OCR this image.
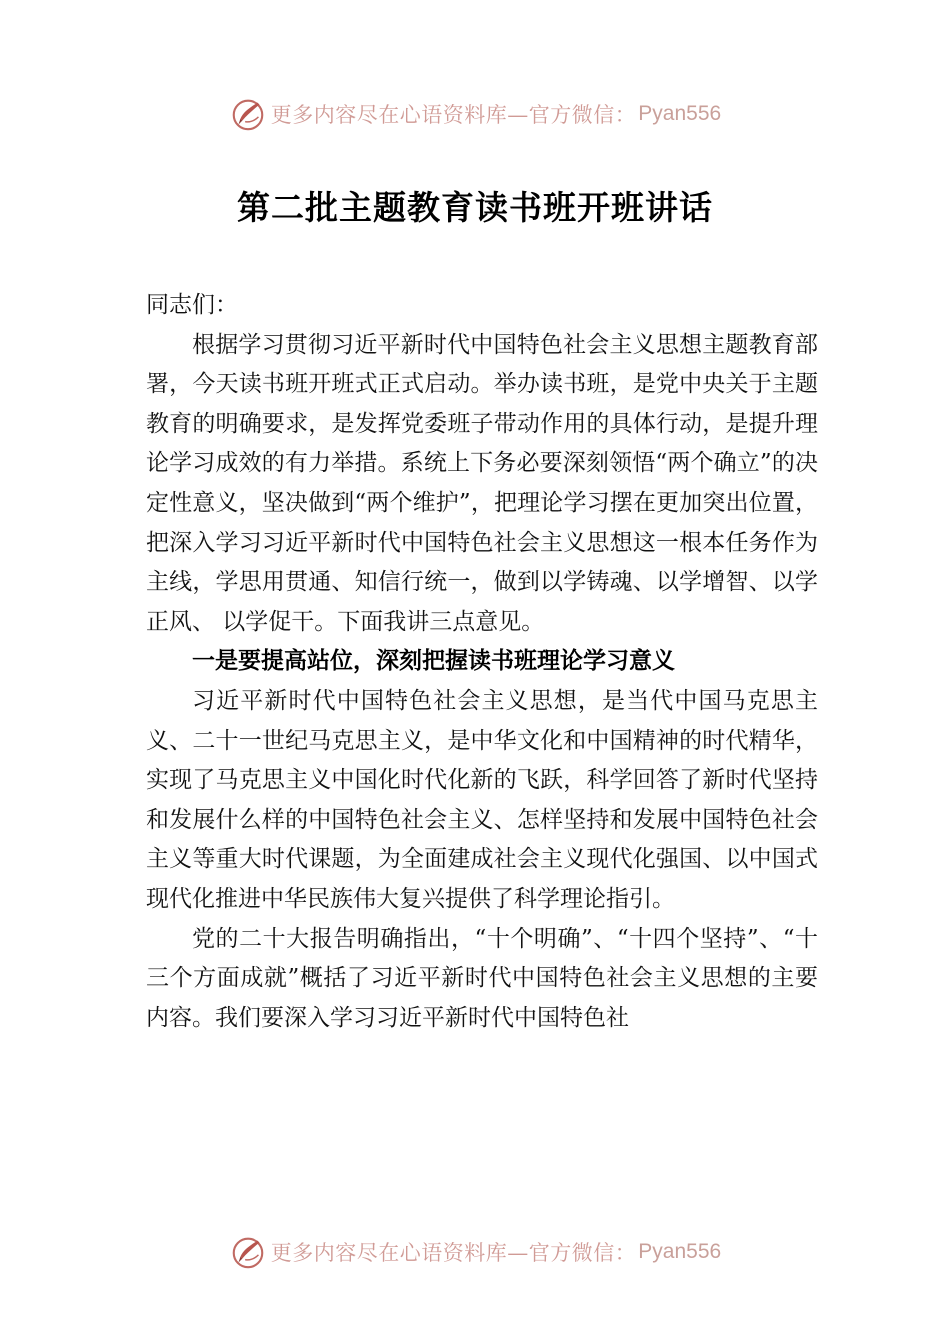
更多内容尽在心语资料库—官方微信： Pyan556
第二批主题教育读书班开班讲话

同志们：

根据学习贯彻习近平新时代中国特色社会主义思想主题教育部署，今天读书班开班式正式启动。举办读书班，是党中央关于主题教育的明确要求，是发挥党委班子带动作用的具体行动，是提升理论学习成效的有力举措。系统上下务必要深刻领悟“两个确立”的决定性意义，坚决做到“两个维护”，把理论学习摆在更加突出位置，把深入学习习近平新时代中国特色社会主义思想这一根本任务作为主线，学思用贯通、知信行统一，做到以学铸魂、以学增智、以学正风、 以学促干。下面我讲三点意见。

一是要提高站位，深刻把握读书班理论学习意义

习近平新时代中国特色社会主义思想，是当代中国马克思主义、二十一世纪马克思主义，是中华文化和中国精神的时代精华，实现了马克思主义中国化时代化新的飞跃，科学回答了新时代坚持和发展什么样的中国特色社会主义、怎样坚持和发展中国特色社会主义等重大时代课题，为全面建成社会主义现代化强国、以中国式现代化推进中华民族伟大复兴提供了科学理论指引。

党的二十大报告明确指出，“十个明确”、“十四个坚持”、“十三个方面成就”概括了习近平新时代中国特色社会主义思想的主要内容。我们要深入学习习近平新时代中国特色社

更多内容尽在心语资料库—官方微信： Pyan556
